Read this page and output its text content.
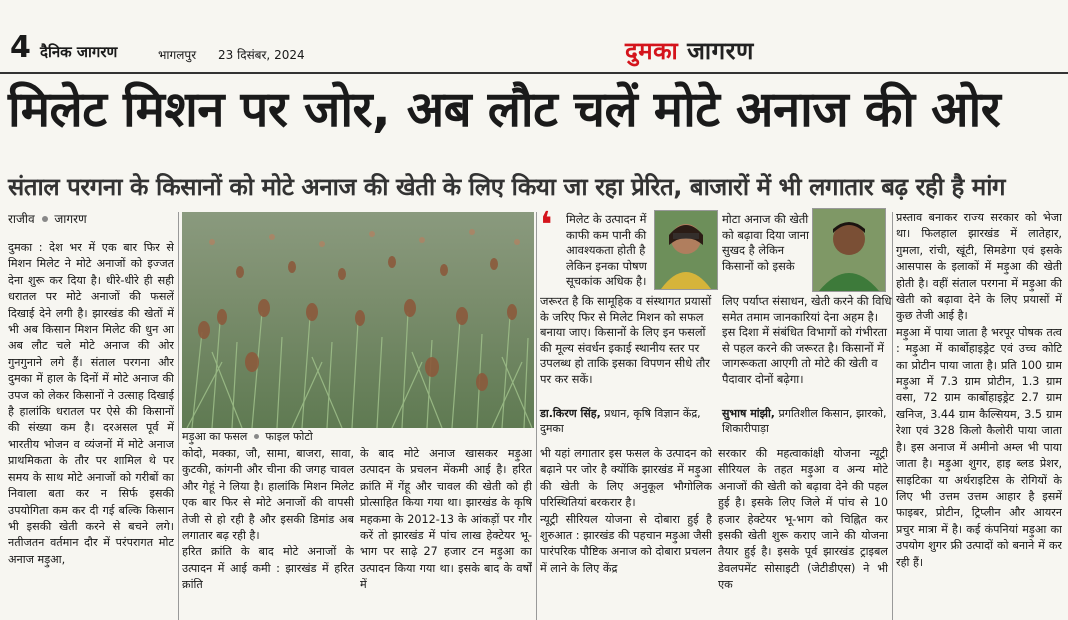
4 दैनिक जागरण	भागलपुर 23 दिसंबर, 2024	दुमका जागरण
मिलेट मिशन पर जोर, अब लौट चलें मोटे अनाज की ओर
संताल परगना के किसानों को मोटे अनाज की खेती के लिए किया जा रहा प्रेरित, बाजारों में भी लगातार बढ़ रही है मांग
राजीव जागरण

दुमका : देश भर में एक बार फिर से मिशन मिलेट ने मोटे अनाजों को इज्जत देना शुरू कर दिया है। धीरे-धीरे ही सही धरातल पर मोटे अनाजों की फसलें दिखाई देने लगी है। झारखंड की खेतों में भी अब किसान मिशन मिलेट की धुन आ अब लौट चले मोटे अनाज की ओर गुनगुनाने लगे हैं। संताल परगना और दुमका में हाल के दिनों में मोटे अनाज की उपज को लेकर किसानों ने उत्साह दिखाई है हालांकि धरातल पर ऐसे की किसानों की संख्या कम है। दरअसल पूर्व में भारतीय भोजन व व्यंजनों में मोटे अनाज प्राथमिकता के तौर पर शामिल थे पर समय के साथ मोटे अनाजों को गरीबों का निवाला बता कर न सिर्फ इसकी उपयोगिता कम कर दी गई बल्कि किसान भी इसकी खेती करने से बचने लगे। नतीजतन वर्तमान दौर में परंपरागत मोट अनाज मड़ुआ,

मड़ुआ का फसल फाइल फोटो

कोदो, मक्का, जौ, सामा, बाजरा, सावा, कुटकी, कांगनी और चीना की जगह चावल और गेहूं ने लिया है। हालांकि मिशन मिलेट एक बार फिर से मोटे अनाजों की वापसी तेजी से हो रही है और इसकी डिमांड अब लगातार बढ़ रही है।

हरित क्रांति के बाद मोटे अनाजों के उत्पादन में आई कमी : झारखंड में हरित क्रांति

के बाद मोटे अनाज खासकर मड़ुआ उत्पादन के प्रचलन मेंकमी आई है। हरित क्रांति में गेंहू और चावल की खेती को ही प्रोत्साहित किया गया था। झारखंड के कृषि महकमा के 2012-13 के आंकड़ों पर गौर करें तो झारखंड में पांच लाख हेक्टेयर भू-भाग पर साढ़े 27 हजार टन मड़ुआ का उत्पादन किया गया था। इसके बाद के वर्षों में

भी यहां लगातार इस फसल के उत्पादन को बढ़ाने पर जोर है क्योंकि झारखंड में मड़ुआ की खेती के लिए अनुकूल भौगोलिक परिस्थितियां बरकरार है।

न्यूट्री सीरियल योजना से दोबारा हुई है शुरुआत : झारखंड की पहचान मड़ुआ जैसी पारंपरिक पौष्टिक अनाज को दोबारा प्रचलन में लाने के लिए केंद्र

सरकार की महत्वाकांक्षी योजना न्यूट्री सीरियल के तहत मड़ुआ व अन्य मोटे अनाजों की खेती को बढ़ावा देने की पहल हुई है। इसके लिए जिले में पांच से 10 हजार हेक्टेयर भू-भाग को चिह्नित कर इसकी खेती शुरू कराए जाने की योजना तैयार हुई है। इसके पूर्व झारखंड ट्राइबल डेवलपमेंट सोसाइटी (जेटीडीएस) ने भी एक

प्रस्ताव बनाकर राज्य सरकार को भेजा था। फिलहाल झारखंड में लातेहार, गुमला, रांची, खूंटी, सिमडेगा एवं इसके आसपास के इलाकों में मड़ुआ की खेती होती है। वहीं संताल परगना में मड़ुआ की खेती को बढ़ावा देने के लिए प्रयासों में कुछ तेजी आई है।

मड़ुआ में पाया जाता है भरपूर पोषक तत्व : मड़ुआ में कार्बोहाइड्रेट एवं उच्च कोटि का प्रोटीन पाया जाता है। प्रति 100 ग्राम मड़ुआ में 7.3 ग्राम प्रोटीन, 1.3 ग्राम वसा, 72 ग्राम कार्बोहाइड्रेट 2.7 ग्राम खनिज, 3.44 ग्राम कैल्सियम, 3.5 ग्राम रेशा एवं 328 किलो कैलोरी पाया जाता है। इस अनाज में अमीनो अम्ल भी पाया जाता है। मड़ुआ शुगर, हाइ ब्लड प्रेशर, साइटिका या अर्थराइटिस के रोगियों के लिए भी उत्तम उत्तम आहार है इसमें फाइबर, प्रोटीन, ट्रिप्लीन और आयरन प्रचुर मात्रा में है। कई कंपनियां मड़ुआ का उपयोग शुगर फ्री उत्पादों को बनाने में कर रही हैं।

❛ मिलेट के उत्पादन में काफी कम पानी की आवश्यकता होती है लेकिन इनका पोषण सूचकांक अधिक है।
जरूरत है कि सामूहिक व संस्थागत प्रयासों के जरिए फिर से मिलेट मिशन को सफल बनाया जाए। किसानों के लिए इन फसलों की मूल्य संवर्धन इकाई स्थानीय स्तर पर उपलब्ध हो ताकि इसका विपणन सीधे तौर पर कर सकें।
डा.किरण सिंह, प्रधान, कृषि विज्ञान केंद्र, दुमका
मोटा अनाज की खेती को बढ़ावा दिया जाना सुखद है लेकिन किसानों को इसके
लिए पर्याप्त संसाधन, खेती करने की विधि समेत तमाम जानकारियां देना अहम है। इस दिशा में संबंधित विभागों को गंभीरता से पहल करने की जरूरत है। किसानों में जागरूकता आएगी तो मोटे की खेती व पैदावार दोनों बढ़ेगा।
सुभाष मांझी, प्रगतिशील किसान, झारको, शिकारीपाड़ा
